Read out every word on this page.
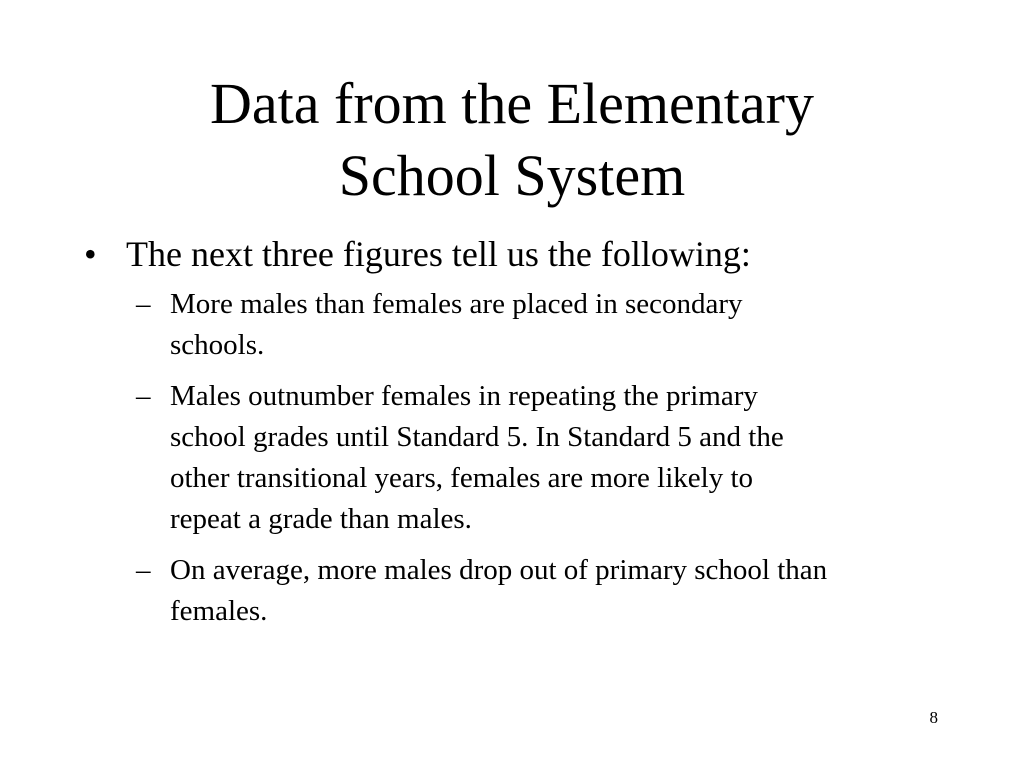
Data from the Elementary
School System
• The next three figures tell us the following:
– More males than females are placed in secondary schools.
– Males outnumber females in repeating the primary school grades until Standard 5. In Standard 5 and the other transitional years, females are more likely to repeat a grade than males.
– On average, more males drop out of primary school than females.
8
